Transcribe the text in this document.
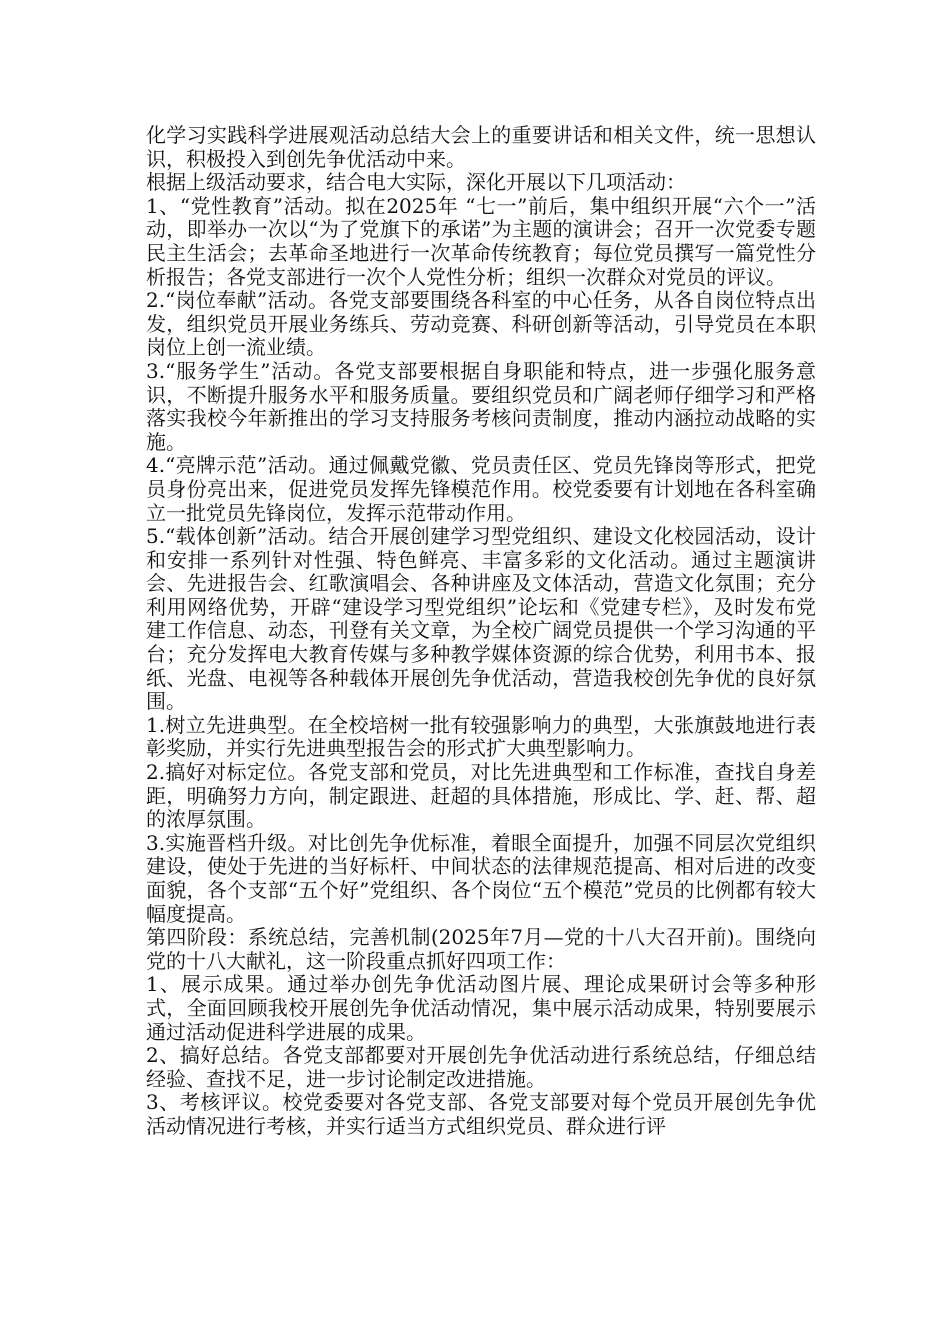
化学习实践科学进展观活动总结大会上的重要讲话和相关文件，统一思想认识，积极投入到创先争优活动中来。

根据上级活动要求，结合电大实际，深化开展以下几项活动：

1、“党性教育”活动。拟在2025年 “七一”前后，集中组织开展“六个一”活动，即举办一次以“为了党旗下的承诺”为主题的演讲会；召开一次党委专题民主生活会；去革命圣地进行一次革命传统教育；每位党员撰写一篇党性分析报告；各党支部进行一次个人党性分析；组织一次群众对党员的评议。

2.“岗位奉献”活动。各党支部要围绕各科室的中心任务，从各自岗位特点出发，组织党员开展业务练兵、劳动竞赛、科研创新等活动，引导党员在本职岗位上创一流业绩。

3.“服务学生”活动。各党支部要根据自身职能和特点，进一步强化服务意识，不断提升服务水平和服务质量。要组织党员和广阔老师仔细学习和严格落实我校今年新推出的学习支持服务考核问责制度，推动内涵拉动战略的实施。

4.“亮牌示范”活动。通过佩戴党徽、党员责任区、党员先锋岗等形式，把党员身份亮出来，促进党员发挥先锋模范作用。校党委要有计划地在各科室确立一批党员先锋岗位，发挥示范带动作用。

5.“载体创新”活动。结合开展创建学习型党组织、建设文化校园活动，设计和安排一系列针对性强、特色鲜亮、丰富多彩的文化活动。通过主题演讲会、先进报告会、红歌演唱会、各种讲座及文体活动，营造文化氛围；充分利用网络优势，开辟“建设学习型党组织”论坛和《党建专栏》，及时发布党建工作信息、动态，刊登有关文章，为全校广阔党员提供一个学习沟通的平台；充分发挥电大教育传媒与多种教学媒体资源的综合优势，利用书本、报纸、光盘、电视等各种载体开展创先争优活动，营造我校创先争优的良好氛围。

1.树立先进典型。在全校培树一批有较强影响力的典型，大张旗鼓地进行表彰奖励，并实行先进典型报告会的形式扩大典型影响力。

2.搞好对标定位。各党支部和党员，对比先进典型和工作标准，查找自身差距，明确努力方向，制定跟进、赶超的具体措施，形成比、学、赶、帮、超的浓厚氛围。

3.实施晋档升级。对比创先争优标准，着眼全面提升，加强不同层次党组织建设，使处于先进的当好标杆、中间状态的法律规范提高、相对后进的改变面貌，各个支部“五个好”党组织、各个岗位“五个模范”党员的比例都有较大幅度提高。

第四阶段：系统总结，完善机制(2025年7月—党的十八大召开前)。围绕向党的十八大献礼，这一阶段重点抓好四项工作：

1、展示成果。通过举办创先争优活动图片展、理论成果研讨会等多种形式，全面回顾我校开展创先争优活动情况，集中展示活动成果，特别要展示通过活动促进科学进展的成果。

2、搞好总结。各党支部都要对开展创先争优活动进行系统总结，仔细总结经验、查找不足，进一步讨论制定改进措施。

3、考核评议。校党委要对各党支部、各党支部要对每个党员开展创先争优活动情况进行考核，并实行适当方式组织党员、群众进行评
